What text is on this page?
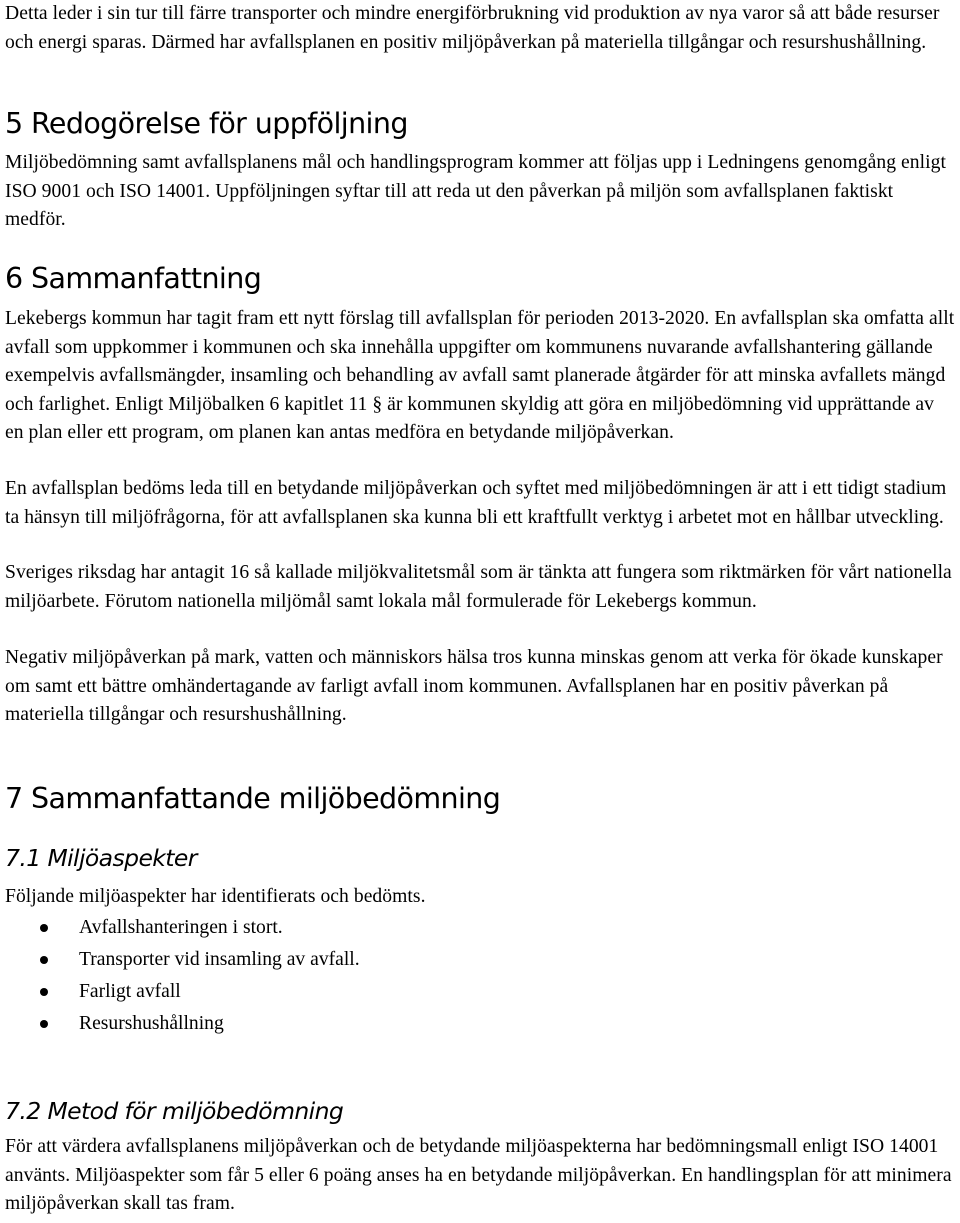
Detta leder i sin tur till färre transporter och mindre energiförbrukning vid produktion av nya varor så att både resurser och energi sparas. Därmed har avfallsplanen en positiv miljöpåverkan på materiella tillgångar och resurshushållning.

5 Redogörelse för uppföljning

Miljöbedömning samt avfallsplanens mål och handlingsprogram kommer att följas upp i Ledningens genomgång enligt ISO 9001 och ISO 14001. Uppföljningen syftar till att reda ut den påverkan på miljön som avfallsplanen faktiskt medför.

6 Sammanfattning

Lekebergs kommun har tagit fram ett nytt förslag till avfallsplan för perioden 2013-2020. En avfallsplan ska omfatta allt avfall som uppkommer i kommunen och ska innehålla uppgifter om kommunens nuvarande avfallshantering gällande exempelvis avfallsmängder, insamling och behandling av avfall samt planerade åtgärder för att minska avfallets mängd och farlighet. Enligt Miljöbalken 6 kapitlet 11 § är kommunen skyldig att göra en miljöbedömning vid upprättande av en plan eller ett program, om planen kan antas medföra en betydande miljöpåverkan.

En avfallsplan bedöms leda till en betydande miljöpåverkan och syftet med miljöbedömningen är att i ett tidigt stadium ta hänsyn till miljöfrågorna, för att avfallsplanen ska kunna bli ett kraftfullt verktyg i arbetet mot en hållbar utveckling.

Sveriges riksdag har antagit 16 så kallade miljökvalitetsmål som är tänkta att fungera som riktmärken för vårt nationella miljöarbete. Förutom nationella miljömål samt lokala mål formulerade för Lekebergs kommun.

Negativ miljöpåverkan på mark, vatten och människors hälsa tros kunna minskas genom att verka för ökade kunskaper om samt ett bättre omhändertagande av farligt avfall inom kommunen. Avfallsplanen har en positiv påverkan på materiella tillgångar och resurshushållning.

7 Sammanfattande miljöbedömning
7.1 Miljöaspekter

Följande miljöaspekter har identifierats och bedömts.

Avfallshanteringen i stort.
Transporter vid insamling av avfall.
Farligt avfall
Resurshushållning
7.2 Metod för miljöbedömning

För att värdera avfallsplanens miljöpåverkan och de betydande miljöaspekterna har bedömningsmall enligt ISO 14001 använts. Miljöaspekter som får 5 eller 6 poäng anses ha en betydande miljöpåverkan. En handlingsplan för att minimera miljöpåverkan skall tas fram.
